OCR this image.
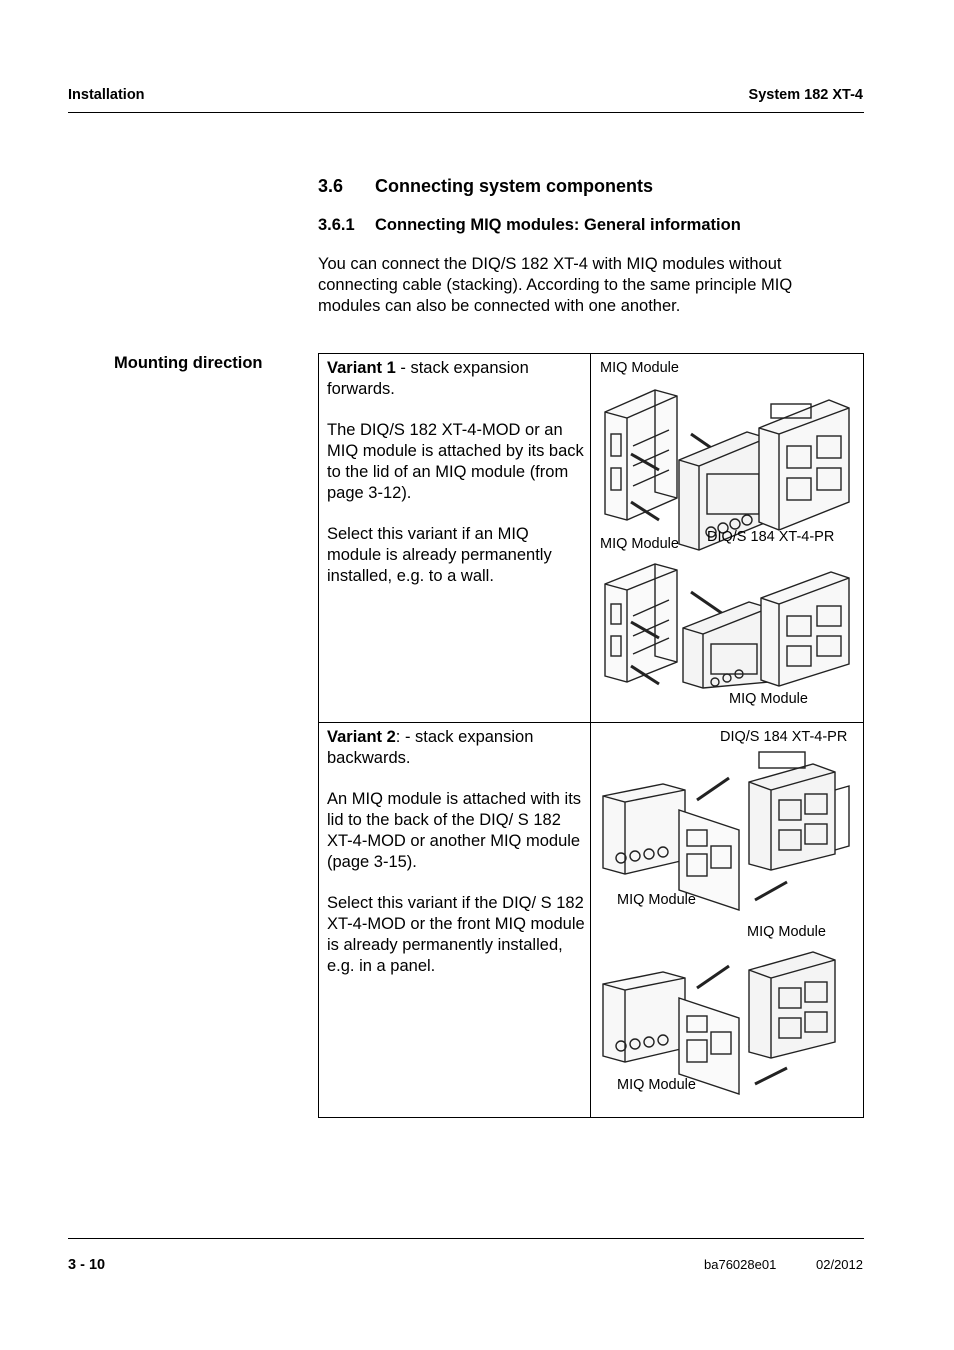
Installation	System 182 XT-4
3.6 Connecting system components
3.6.1 Connecting MIQ modules: General information
You can connect the DIQ/S 182 XT-4 with MIQ modules without connecting cable (stacking). According to the same principle MIQ modules can also be connected with one another.
Mounting direction	Variant 1 - stack expansion forwards.

The DIQ/S 182 XT-4-MOD or an MIQ module is attached by its back to the lid of an MIQ module (from page 3-12).

Select this variant if an MIQ module is already permanently installed, e.g. to a wall.

Variant 2: - stack expansion backwards.

An MIQ module is attached with its lid to the back of the DIQ/ S 182 XT-4-MOD or another MIQ module (page 3-15).

Select this variant if the DIQ/ S 182 XT-4-MOD or the front MIQ module is already permanently installed, e.g. in a panel.

MIQ Module
MIQ Module DIQ/S 184 XT-4-PR
MIQ Module
DIQ/S 184 XT-4-PR
MIQ Module
MIQ Module
MIQ Module
3 - 10	ba76028e01	02/2012
